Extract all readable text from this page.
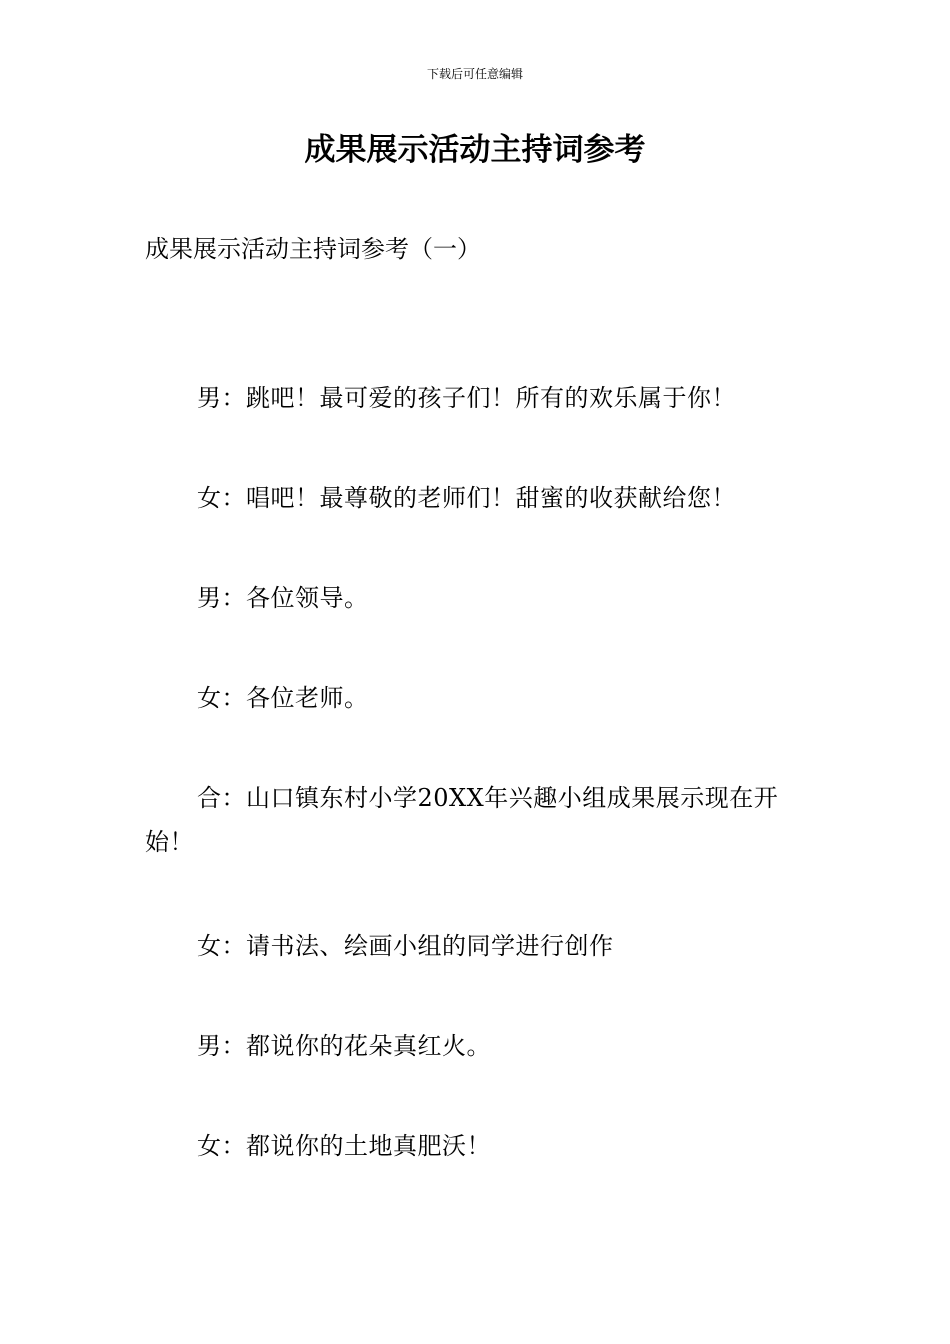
下载后可任意编辑
成果展示活动主持词参考
成果展示活动主持词参考（一）

男：跳吧！最可爱的孩子们！所有的欢乐属于你！

女：唱吧！最尊敬的老师们！甜蜜的收获献给您！

男：各位领导。

女：各位老师。

合：山口镇东村小学20XX年兴趣小组成果展示现在开始！

女：请书法、绘画小组的同学进行创作

男：都说你的花朵真红火。

女：都说你的土地真肥沃！
